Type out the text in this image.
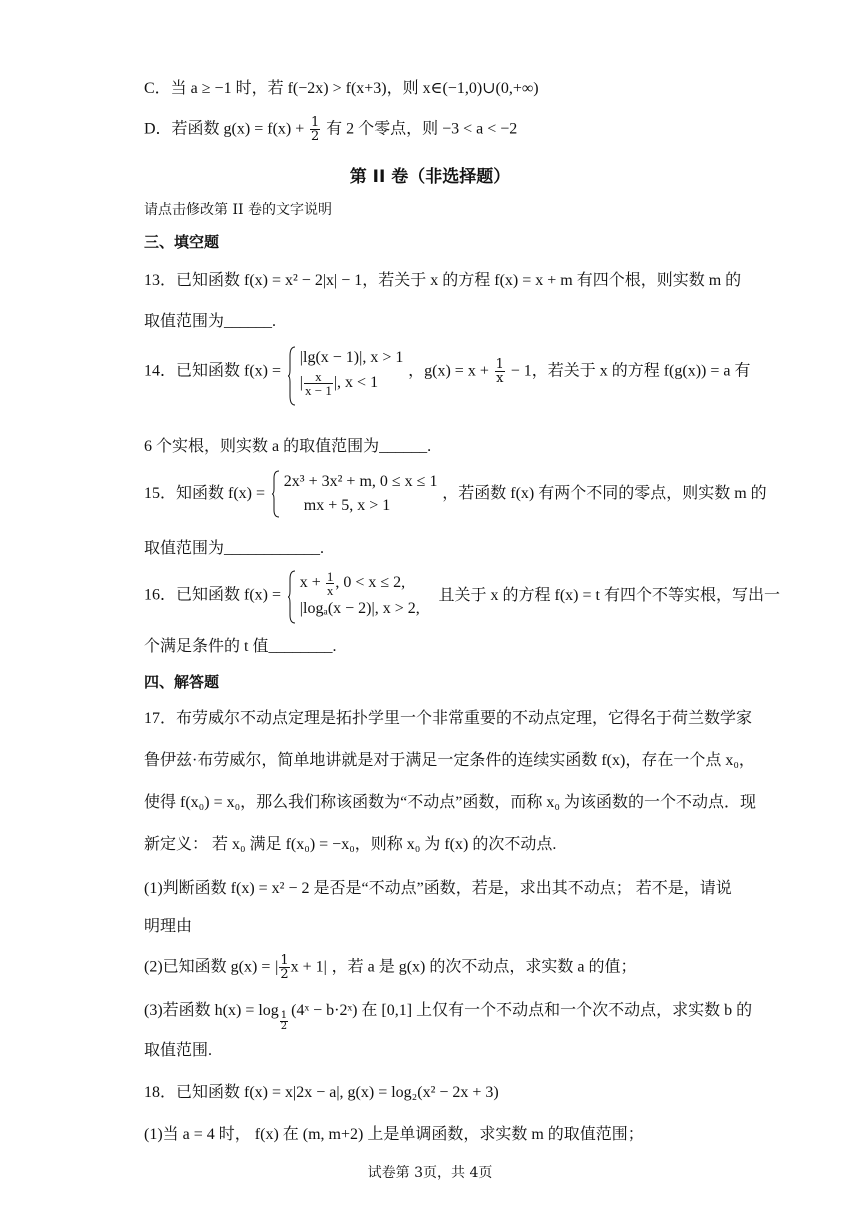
C．当 a ≥ −1 时，若 f(−2x) > f(x+3)，则 x∈(−1,0)∪(0,+∞)
D．若函数 $g(x) = f(x) + \frac{1}{2}$ 有 2 个零点，则 −3 < a < −2
第 II 卷（非选择题）
请点击修改第 II 卷的文字说明
三、填空题
13．已知函数 f(x) = x² − 2|x| − 1，若关于 x 的方程 f(x) = x + m 有四个根，则实数 m 的
取值范围为______.
14．已知函数 f(x) =
|lg(x − 1)|, x > 1
| $\frac{x}{x - 1}$ |, x < 1
，$g(x) = x + \frac{1}{x} - 1$，若关于 x 的方程 f(g(x)) = a 有
6 个实根，则实数 a 的取值范围为______.
15．知函数 f(x) =
2x³ + 3x² + m, 0 ≤ x ≤ 1
mx + 5, x > 1
，若函数 f(x) 有两个不同的零点，则实数 m 的
取值范围为____________.
16．已知函数 f(x) =
$x + \frac{1}{x}$ , 0 < x ≤ 2,
|logₐ(x − 2)|, x > 2,
且关于 x 的方程 f(x) = t 有四个不等实根，写出一
个满足条件的 t 值________.
四、解答题
17．布劳威尔不动点定理是拓扑学里一个非常重要的不动点定理，它得名于荷兰数学家
鲁伊兹·布劳威尔，简单地讲就是对于满足一定条件的连续实函数 f(x)，存在一个点 x₀，
使得 f(x₀) = x₀，那么我们称该函数为“不动点”函数，而称 x₀ 为该函数的一个不动点．现
新定义： 若 x₀ 满足 f(x₀) = −x₀，则称 x₀ 为 f(x) 的次不动点.
(1)判断函数 f(x) = x² − 2 是否是“不动点”函数，若是，求出其不动点； 若不是，请说
明理由
(2)已知函数 g(x) = | $\frac{1}{2}$ x + 1| ，若 a 是 g(x) 的次不动点，求实数 a 的值；
(3)若函数 $h(x) = \log \frac{1}{2}$ (4ˣ − b·2ˣ) 在 [0,1] 上仅有一个不动点和一个次不动点，求实数 b 的
取值范围.
18．已知函数 f(x) = x|2x − a|, g(x) = log₂(x² − 2x + 3)
(1)当 a = 4 时， f(x) 在 (m, m+2) 上是单调函数，求实数 m 的取值范围；
试卷第 3页，共 4页
